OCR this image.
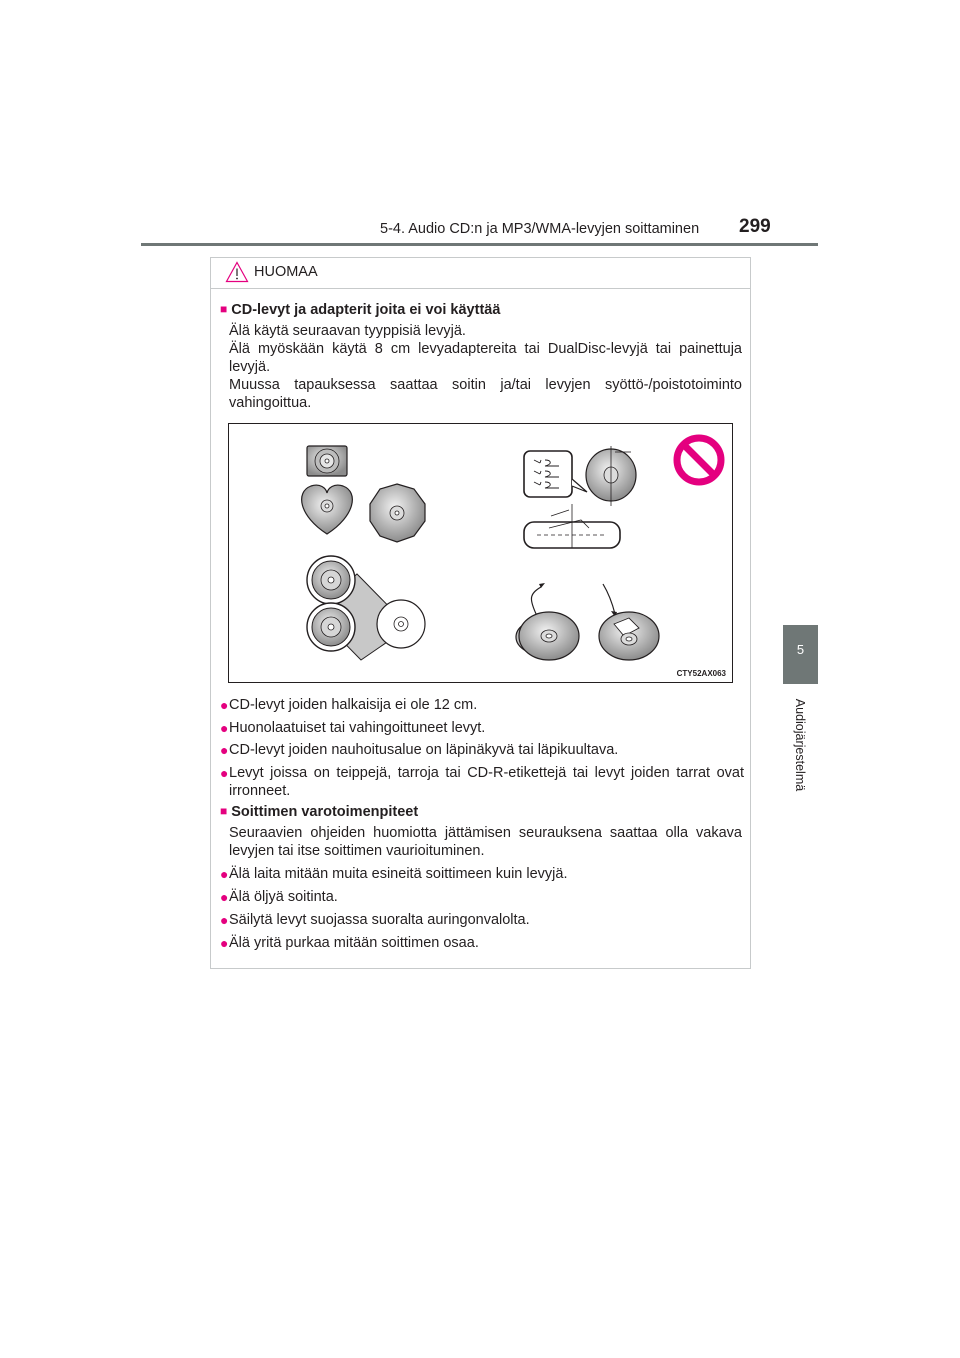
5-4. Audio CD:n ja MP3/WMA-levyjen soittaminen 299
5
Audiojärjestelmä
HUOMAA
■ CD-levyt ja adapterit joita ei voi käyttää
Älä käytä seuraavan tyyppisiä levyjä.
Älä myöskään käytä 8 cm levyadaptereita tai DualDisc-levyjä tai painettuja levyjä.
Muussa tapauksessa saattaa soitin ja/tai levyjen syöttö-/poistotoiminto vahingoittua.
CTY52AX063
● CD-levyt joiden halkaisija ei ole 12 cm.
● Huonolaatuiset tai vahingoittuneet levyt.
● CD-levyt joiden nauhoitusalue on läpinäkyvä tai läpikuultava.
● Levyt joissa on teippejä, tarroja tai CD-R-etikettejä tai levyt joiden tarrat ovat irronneet.
■ Soittimen varotoimenpiteet
Seuraavien ohjeiden huomiotta jättämisen seurauksena saattaa olla vakava levyjen tai itse soittimen vaurioituminen.
● Älä laita mitään muita esineitä soittimeen kuin levyjä.
● Älä öljyä soitinta.
● Säilytä levyt suojassa suoralta auringonvalolta.
● Älä yritä purkaa mitään soittimen osaa.
